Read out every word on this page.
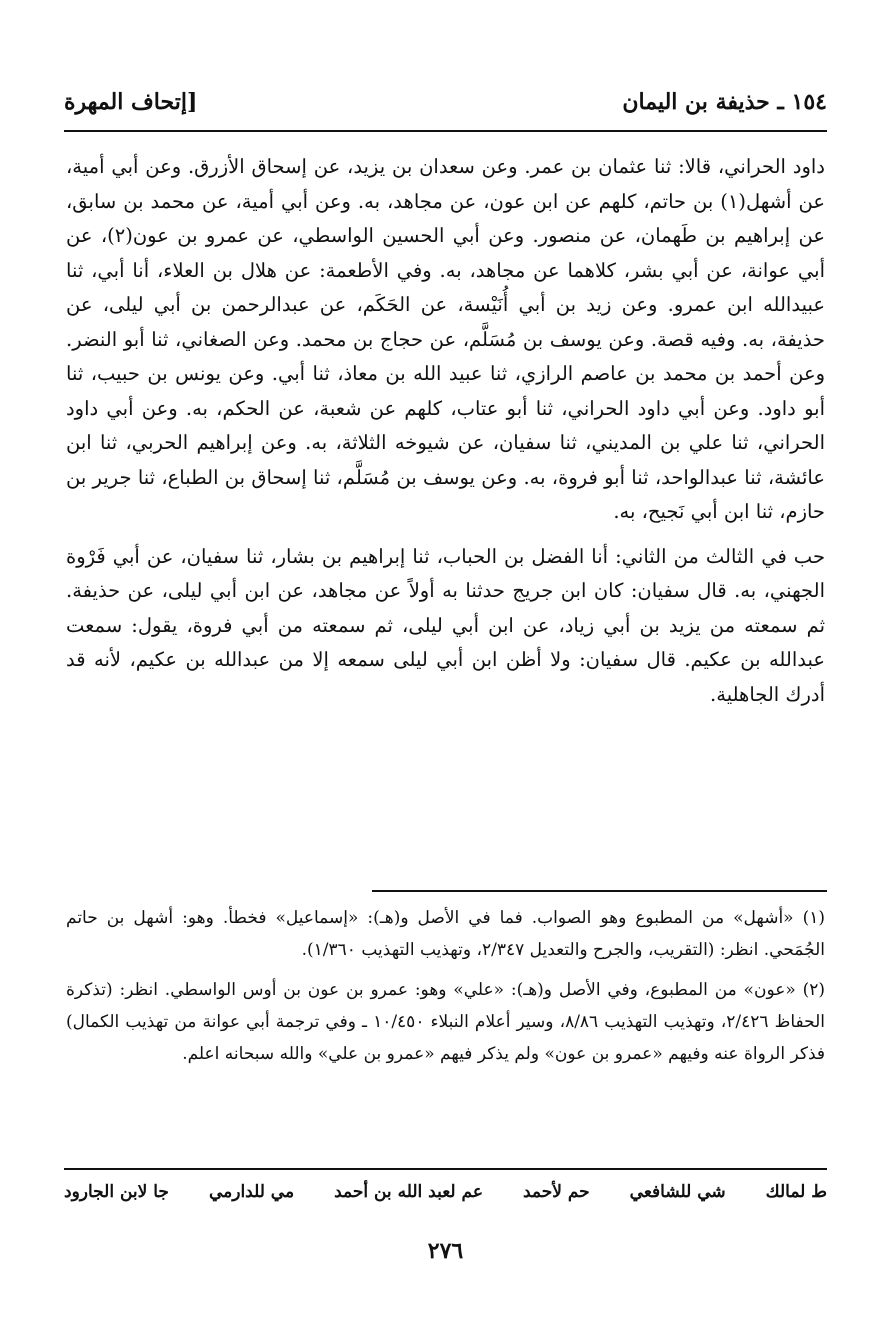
١٥٤ ـ حذيفة بن اليمان
[إتحاف المهرة

داود الحراني، قالا: ثنا عثمان بن عمر. وعن سعدان بن يزيد، عن إسحاق الأزرق. وعن أبي أمية، عن أشهل(١) بن حاتم، كلهم عن ابن عون، عن مجاهد، به. وعن أبي أمية، عن محمد بن سابق، عن إبراهيم بن طَهمان، عن منصور. وعن أبي الحسين الواسطي، عن عمرو بن عون(٢)، عن أبي عوانة، عن أبي بشر، كلاهما عن مجاهد، به. وفي الأطعمة: عن هلال بن العلاء، أنا أبي، ثنا عبيدالله ابن عمرو. وعن زيد بن أبي أُنَيْسة، عن الحَكَم، عن عبدالرحمن بن أبي ليلى، عن حذيفة، به. وفيه قصة. وعن يوسف بن مُسَلَّم، عن حجاج بن محمد. وعن الصغاني، ثنا أبو النضر. وعن أحمد بن محمد بن عاصم الرازي، ثنا عبيد الله بن معاذ، ثنا أبي. وعن يونس بن حبيب، ثنا أبو داود. وعن أبي داود الحراني، ثنا أبو عتاب، كلهم عن شعبة، عن الحكم، به. وعن أبي داود الحراني، ثنا علي بن المديني، ثنا سفيان، عن شيوخه الثلاثة، به. وعن إبراهيم الحربي، ثنا ابن عائشة، ثنا عبدالواحد، ثنا أبو فروة، به. وعن يوسف بن مُسَلَّم، ثنا إسحاق بن الطباع، ثنا جرير بن حازم، ثنا ابن أبي نَجيح، به.

حب في الثالث من الثاني: أنا الفضل بن الحباب، ثنا إبراهيم بن بشار، ثنا سفيان، عن أبي فَرْوة الجهني، به. قال سفيان: كان ابن جريج حدثنا به أولاً عن مجاهد، عن ابن أبي ليلى، عن حذيفة. ثم سمعته من يزيد بن أبي زياد، عن ابن أبي ليلى، ثم سمعته من أبي فروة، يقول: سمعت عبدالله بن عكيم. قال سفيان: ولا أظن ابن أبي ليلى سمعه إلا من عبدالله بن عكيم، لأنه قد أدرك الجاهلية.

(١) «أشهل» من المطبوع وهو الصواب. فما في الأصل و(هـ): «إسماعيل» فخطأ. وهو: أشهل بن حاتم الجُمَحي. انظر: (التقريب، والجرح والتعديل ٢/٣٤٧، وتهذيب التهذيب ١/٣٦٠).

(٢) «عون» من المطبوع، وفي الأصل و(هـ): «علي» وهو: عمرو بن عون بن أوس الواسطي. انظر: (تذكرة الحفاظ ٢/٤٢٦، وتهذيب التهذيب ٨/٨٦، وسير أعلام النبلاء ١٠/٤٥٠ ـ وفي ترجمة أبي عوانة من تهذيب الكمال) فذكر الرواة عنه وفيهم «عمرو بن عون» ولم يذكر فيهم «عمرو بن علي» والله سبحانه اعلم.

ط لمالك
شي للشافعي
حم لأحمد
عم لعبد الله بن أحمد
مي للدارمي
جا لابن الجارود
٢٧٦
